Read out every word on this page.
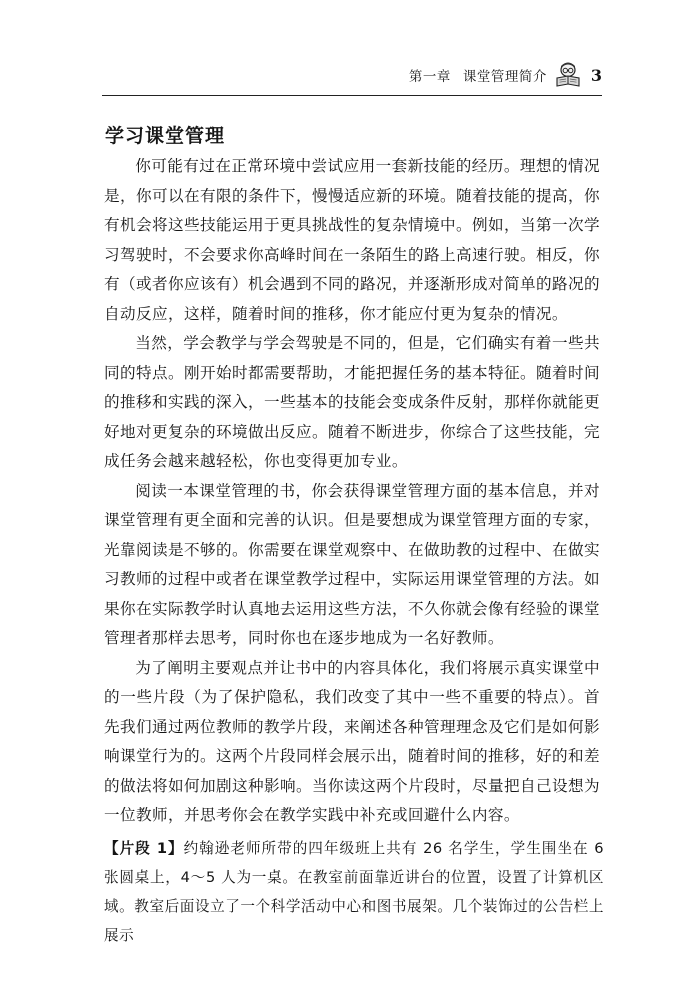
第一章 课堂管理简介	3
学习课堂管理

你可能有过在正常环境中尝试应用一套新技能的经历。理想的情况是，你可以在有限的条件下，慢慢适应新的环境。随着技能的提高，你有机会将这些技能运用于更具挑战性的复杂情境中。例如，当第一次学习驾驶时，不会要求你高峰时间在一条陌生的路上高速行驶。相反，你有（或者你应该有）机会遇到不同的路况，并逐渐形成对简单的路况的自动反应，这样，随着时间的推移，你才能应付更为复杂的情况。

当然，学会教学与学会驾驶是不同的，但是，它们确实有着一些共同的特点。刚开始时都需要帮助，才能把握任务的基本特征。随着时间的推移和实践的深入，一些基本的技能会变成条件反射，那样你就能更好地对更复杂的环境做出反应。随着不断进步，你综合了这些技能，完成任务会越来越轻松，你也变得更加专业。

阅读一本课堂管理的书，你会获得课堂管理方面的基本信息，并对课堂管理有更全面和完善的认识。但是要想成为课堂管理方面的专家，光靠阅读是不够的。你需要在课堂观察中、在做助教的过程中、在做实习教师的过程中或者在课堂教学过程中，实际运用课堂管理的方法。如果你在实际教学时认真地去运用这些方法，不久你就会像有经验的课堂管理者那样去思考，同时你也在逐步地成为一名好教师。

为了阐明主要观点并让书中的内容具体化，我们将展示真实课堂中的一些片段（为了保护隐私，我们改变了其中一些不重要的特点）。首先我们通过两位教师的教学片段，来阐述各种管理理念及它们是如何影响课堂行为的。这两个片段同样会展示出，随着时间的推移，好的和差的做法将如何加剧这种影响。当你读这两个片段时，尽量把自己设想为一位教师，并思考你会在教学实践中补充或回避什么内容。

【片段 1】约翰逊老师所带的四年级班上共有 26 名学生，学生围坐在 6 张圆桌上，4～5 人为一桌。在教室前面靠近讲台的位置，设置了计算机区域。教室后面设立了一个科学活动中心和图书展架。几个装饰过的公告栏上展示
